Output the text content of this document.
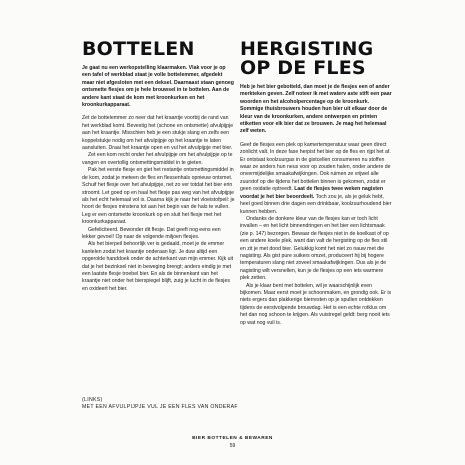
BOTTELEN

Je gaat nu een werkopstelling klaarmaken. Vlak voor je op een tafel of werkblad staat je volle bottelemmer, afgedekt maar niet afgesloten met een deksel. Daarnaast staan genoeg ontsmette flesjes om je hele brouwsel in te bottelen. Aan de andere kant staat de kom met kroonkurken en het kroonkurkapparaat.

Zet de bottelemmer zo neer dat het kraantje voorbij de rand van het werkblad komt. Bevestig het (schone en ontsmette) afvulpijpje aan het kraantje. Misschien heb je een stukje slang en zelfs een koppelstukje nodig om het afvulpijpje op het kraantje te laten aansluiten. Draai het kraantje open en vul het afvulpijpje met bier.

Zet een kom recht onder het afvulpijpje om het afvulpijpje op te vangen en overtollig ontsmettingsmiddel in te gieten.

Pak het eerste flesje en giet het restantje ontsmettingsmiddel in de kom, zodat je meteen de fles en flessenhals opnieuw ontsmet. Schuif het flesje over het afvulpijpje, net zo ver totdat het bier erin stroomt. Let goed op en haal het flesje pas weg van het afvulpijpje als het echt helemaal vol is. Daarna kijk je naar het vloeistofpeil: je hoort de flesjes minstens tot aan het begin van de hals te vullen. Leg er een ontsmette kroonkurk op en sluit het flesje met het kroonkurkapparaat.

Gefeliciteerd. Bewonder dit flesje. Dat geeft nog eens een lekker gevoel! Op naar de volgende miljoen flesjes.

Als het bierpeil behoorlijk ver is gedaald, moet je de emmer kantelen zodat het kraantje onderaan ligt. Je duw altijd een opgerolde handdoek onder de achterkant van mijn emmer. Kijk uit dat je het bezinksel niet in beweging brengt; anders eindig je met een laatste flesje troebel bier. En als de binnenkant van het kraantje niet onder het bierspiegel blijft, zuig je lucht in de flesjes en oxideert het bier.

HERGISTING OP DE FLES

Heb je het bier gebotteld, dan moet je de flesjes een of ander merkteken geven. Zelf noteer ik met waterv aste stift een paar woorden en het alcoholpercentage op de kroonkurk. Sommige thuisbrouwers houden hun bier uit elkaar door de kleur van de kroonkurken, andere ontwerpen en printen etiketten voor elk bier dat ze brouwen. Je mag het helemaal zelf weten.

Geef de flesjes een plek op kamertemperatuur waar geen direct zonlicht valt. In deze fase herpist het bier op de fles en rijpt het af. Er ontstaat koolzuurgas in de gistcellen consumeren nu stoffen waar ze anders hun neus voor op zouden halen, onder andere de onvermijdelijke smaakafwijkingen. Ook ruimen ze vrijwel alle zuurstof op die tijdens het bottelen binnen is gekomen, zodat er geen oxidatie optreedt. Laat de flesjes twee weken nagisten voordat je het bier beoordeelt. Toch zou je, als je geluk hebt, heel goed binnen drie dagen een drinkbaar, koolzuurhoudend bier kunnen hebben.

Ondanks de donkere kleur van de flesjes kan er toch licht invallen – en het licht binnendringen en het bier een lichtsmaak (zie p. 147) bezorgen. Bewaar de flesjes niet in de koelkast of op een andere koele plek, want dan valt de hergisting op de fles stil en zit je met dood bier. Gelukkig komt het niet zo nauw met die nagisting. Als gist pure suikers omzet, produceert hij bij hogere temperaturen slang niet zoveel smaakafwijkingen. Dus als je de nagisting wilt versnellen, kun je de flesjes op een iets warmere plek zetten.

Als je klaar bent met bottelen, wil je waarschijnlijk even bijkomen. Maar eerst moet je schoonmaken, en grondig ook. Er is niets ergers dan plakkerige bierresten op je spullen ontdekken tijdens de eerstvolgende brouwdag. Het is een echte rotklus om het dan nog schoon te krijgen. Als vuistregel geldt: berg nooit iets op wat nog vuil is.

(LINKS)
MET EEN AFVULPIJPJE VUL JE EEN FLES VAN ONDERAF
BIER BOTTELEN & BEWAREN
59
